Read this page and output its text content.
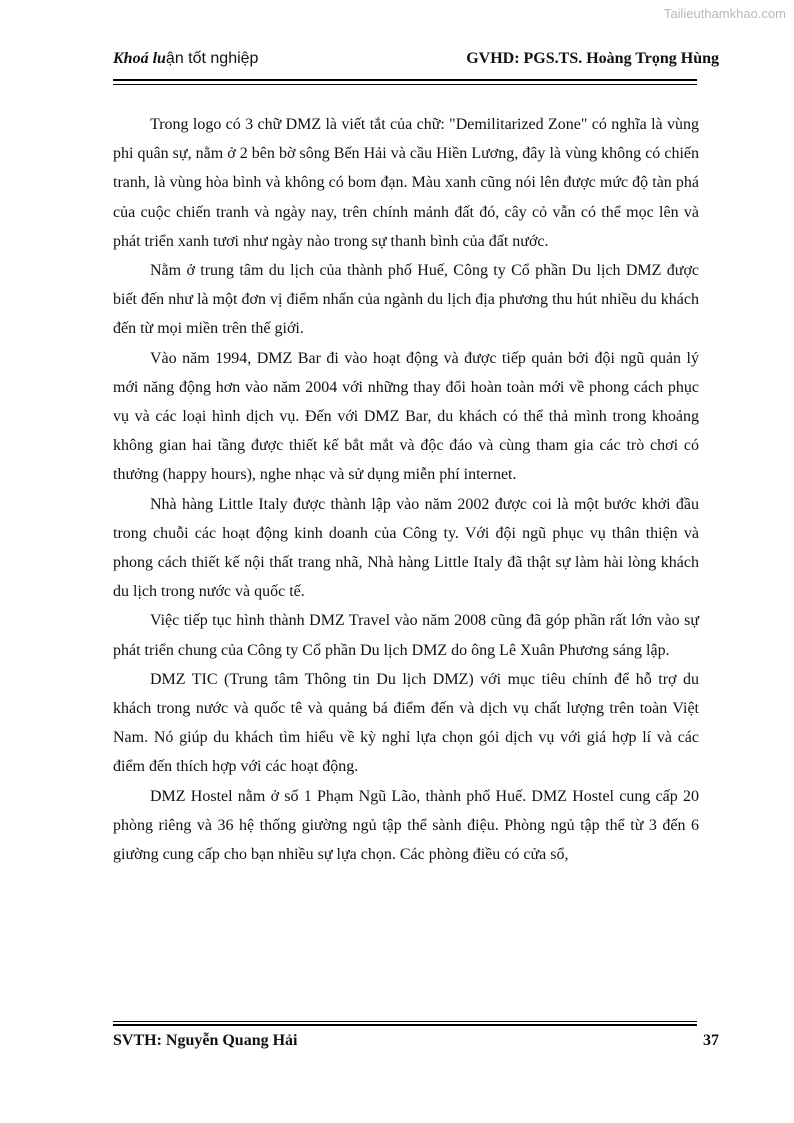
Tailieuthamkhao.com
Khoá luận tốt nghiệp	GVHD: PGS.TS. Hoàng Trọng Hùng

Trong logo có 3 chữ DMZ là viết tắt của chữ: "Demilitarized Zone" có nghĩa là vùng phi quân sự, nằm ở 2 bên bờ sông Bến Hải và cầu Hiền Lương, đây là vùng không có chiến tranh, là vùng hòa bình và không có bom đạn. Màu xanh cũng nói lên được mức độ tàn phá của cuộc chiến tranh và ngày nay, trên chính mảnh đất đó, cây cỏ vẫn có thể mọc lên và phát triển xanh tươi như ngày nào trong sự thanh bình của đất nước.

Nằm ở trung tâm du lịch của thành phố Huế, Công ty Cổ phần Du lịch DMZ được biết đến như là một đơn vị điểm nhấn của ngành du lịch địa phương thu hút nhiều du khách đến từ mọi miền trên thế giới.

Vào năm 1994, DMZ Bar đi vào hoạt động và được tiếp quản bởi đội ngũ quản lý mới năng động hơn vào năm 2004 với những thay đổi hoàn toàn mới về phong cách phục vụ và các loại hình dịch vụ. Đến với DMZ Bar, du khách có thể thả mình trong khoảng không gian hai tầng được thiết kế bắt mắt và độc đáo và cùng tham gia các trò chơi có thưởng (happy hours), nghe nhạc và sử dụng miễn phí internet.

Nhà hàng Little Italy được thành lập vào năm 2002 được coi là một bước khởi đầu trong chuỗi các hoạt động kinh doanh của Công ty. Với đội ngũ phục vụ thân thiện và phong cách thiết kế nội thất trang nhã, Nhà hàng Little Italy đã thật sự làm hài lòng khách du lịch trong nước và quốc tế.

Việc tiếp tục hình thành DMZ Travel vào năm 2008 cũng đã góp phần rất lớn vào sự phát triển chung của Công ty Cổ phần Du lịch DMZ do ông Lê Xuân Phương sáng lập.

DMZ TIC (Trung tâm Thông tin Du lịch DMZ) với mục tiêu chính để hỗ trợ du khách trong nước và quốc tê và quảng bá điểm đến và dịch vụ chất lượng trên toàn Việt Nam. Nó giúp du khách tìm hiểu về kỳ nghỉ lựa chọn gói dịch vụ với giá hợp lí và các điểm đến thích hợp với các hoạt động.

DMZ Hostel nằm ở số 1 Phạm Ngũ Lão, thành phố Huế. DMZ Hostel cung cấp 20 phòng riêng và 36 hệ thống giường ngủ tập thể sành điệu. Phòng ngủ tập thể từ 3 đến 6 giường cung cấp cho bạn nhiều sự lựa chọn. Các phòng điều có cửa sổ,

SVTH: Nguyễn Quang Hải	37
